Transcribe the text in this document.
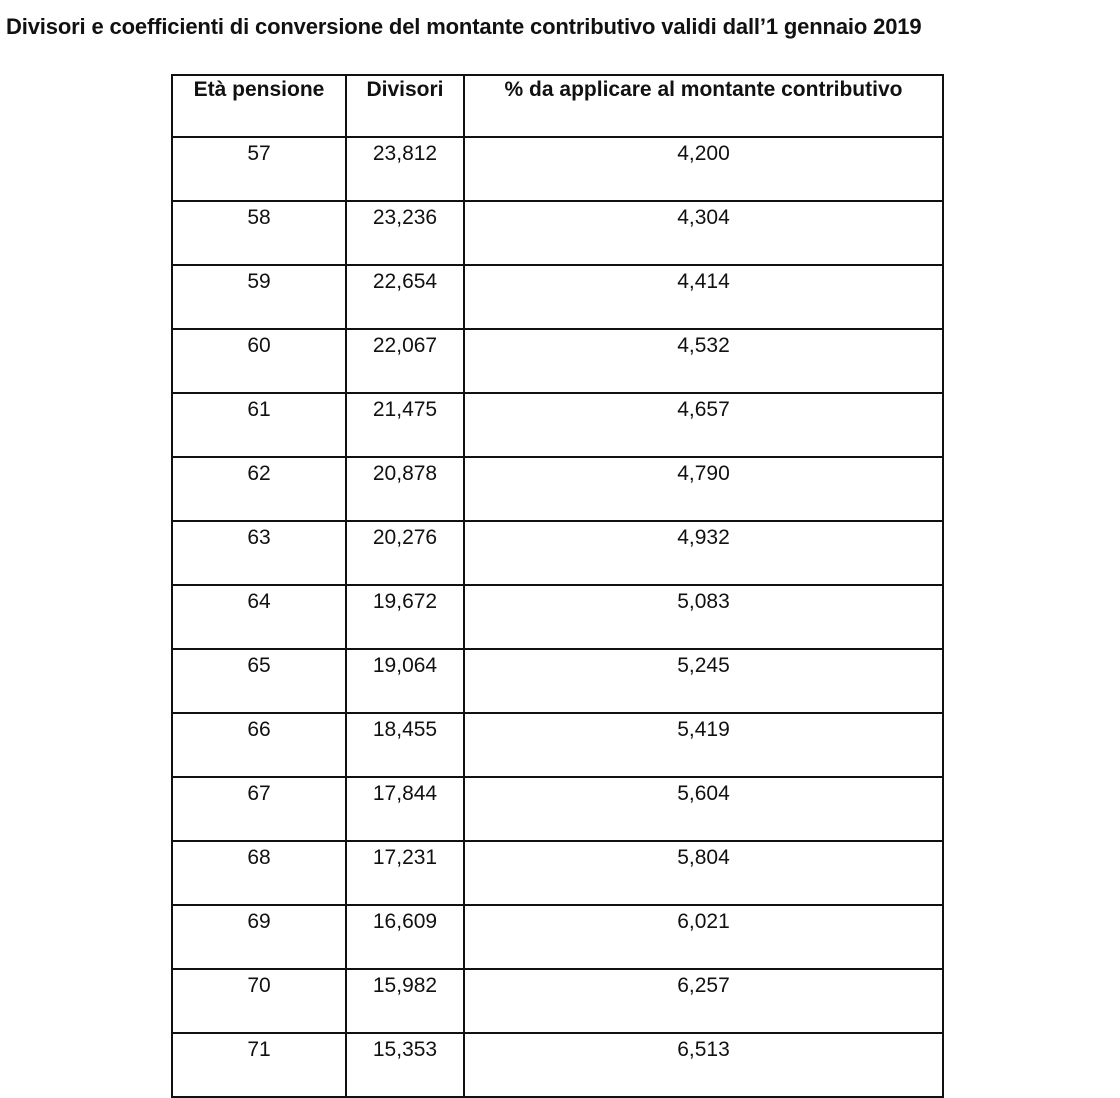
Divisori e coefficienti di conversione del montante contributivo validi dall’1 gennaio 2019
Età pensione	Divisori	% da applicare al montante contributivo
57	23,812	4,200
58	23,236	4,304
59	22,654	4,414
60	22,067	4,532
61	21,475	4,657
62	20,878	4,790
63	20,276	4,932
64	19,672	5,083
65	19,064	5,245
66	18,455	5,419
67	17,844	5,604
68	17,231	5,804
69	16,609	6,021
70	15,982	6,257
71	15,353	6,513
